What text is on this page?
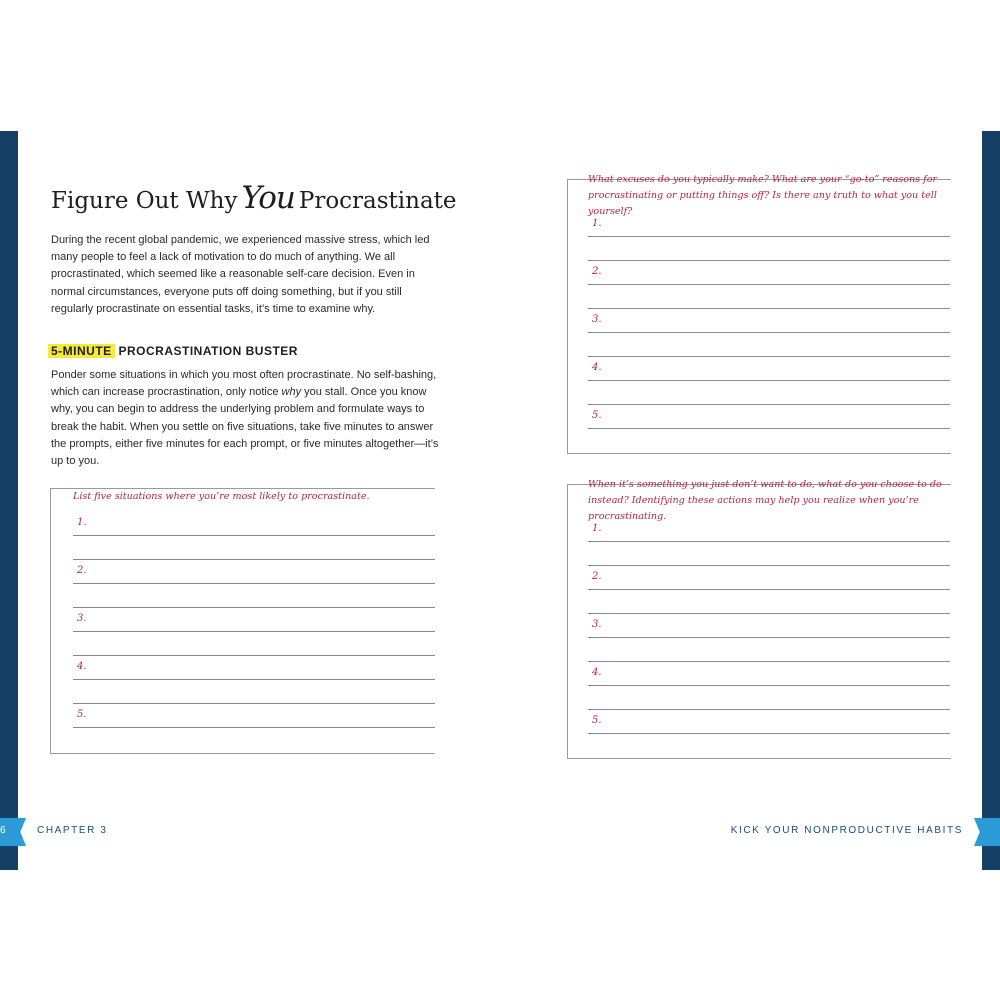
Figure Out Why You Procrastinate
During the recent global pandemic, we experienced massive stress, which led many people to feel a lack of motivation to do much of anything. We all procrastinated, which seemed like a reasonable self-care decision. Even in normal circumstances, everyone puts off doing something, but if you still regularly procrastinate on essential tasks, it’s time to examine why.
5-MINUTE PROCRASTINATION BUSTER
Ponder some situations in which you most often procrastinate. No self-bashing, which can increase procrastination, only notice why you stall. Once you know why, you can begin to address the underlying problem and formulate ways to break the habit. When you settle on five situations, take five minutes to answer the prompts, either five minutes for each prompt, or five minutes altogether—it’s up to you.
List five situations where you’re most likely to procrastinate.
1.
2.
3.
4.
5.
What excuses do you typically make? What are your “go-to” reasons for procrastinating or putting things off? Is there any truth to what you tell yourself?
1.
2.
3.
4.
5.
When it’s something you just don’t want to do, what do you choose to do instead? Identifying these actions may help you realize when you’re procrastinating.
1.
2.
3.
4.
5.
6	CHAPTER 3	KICK YOUR NONPRODUCTIVE HABITS
